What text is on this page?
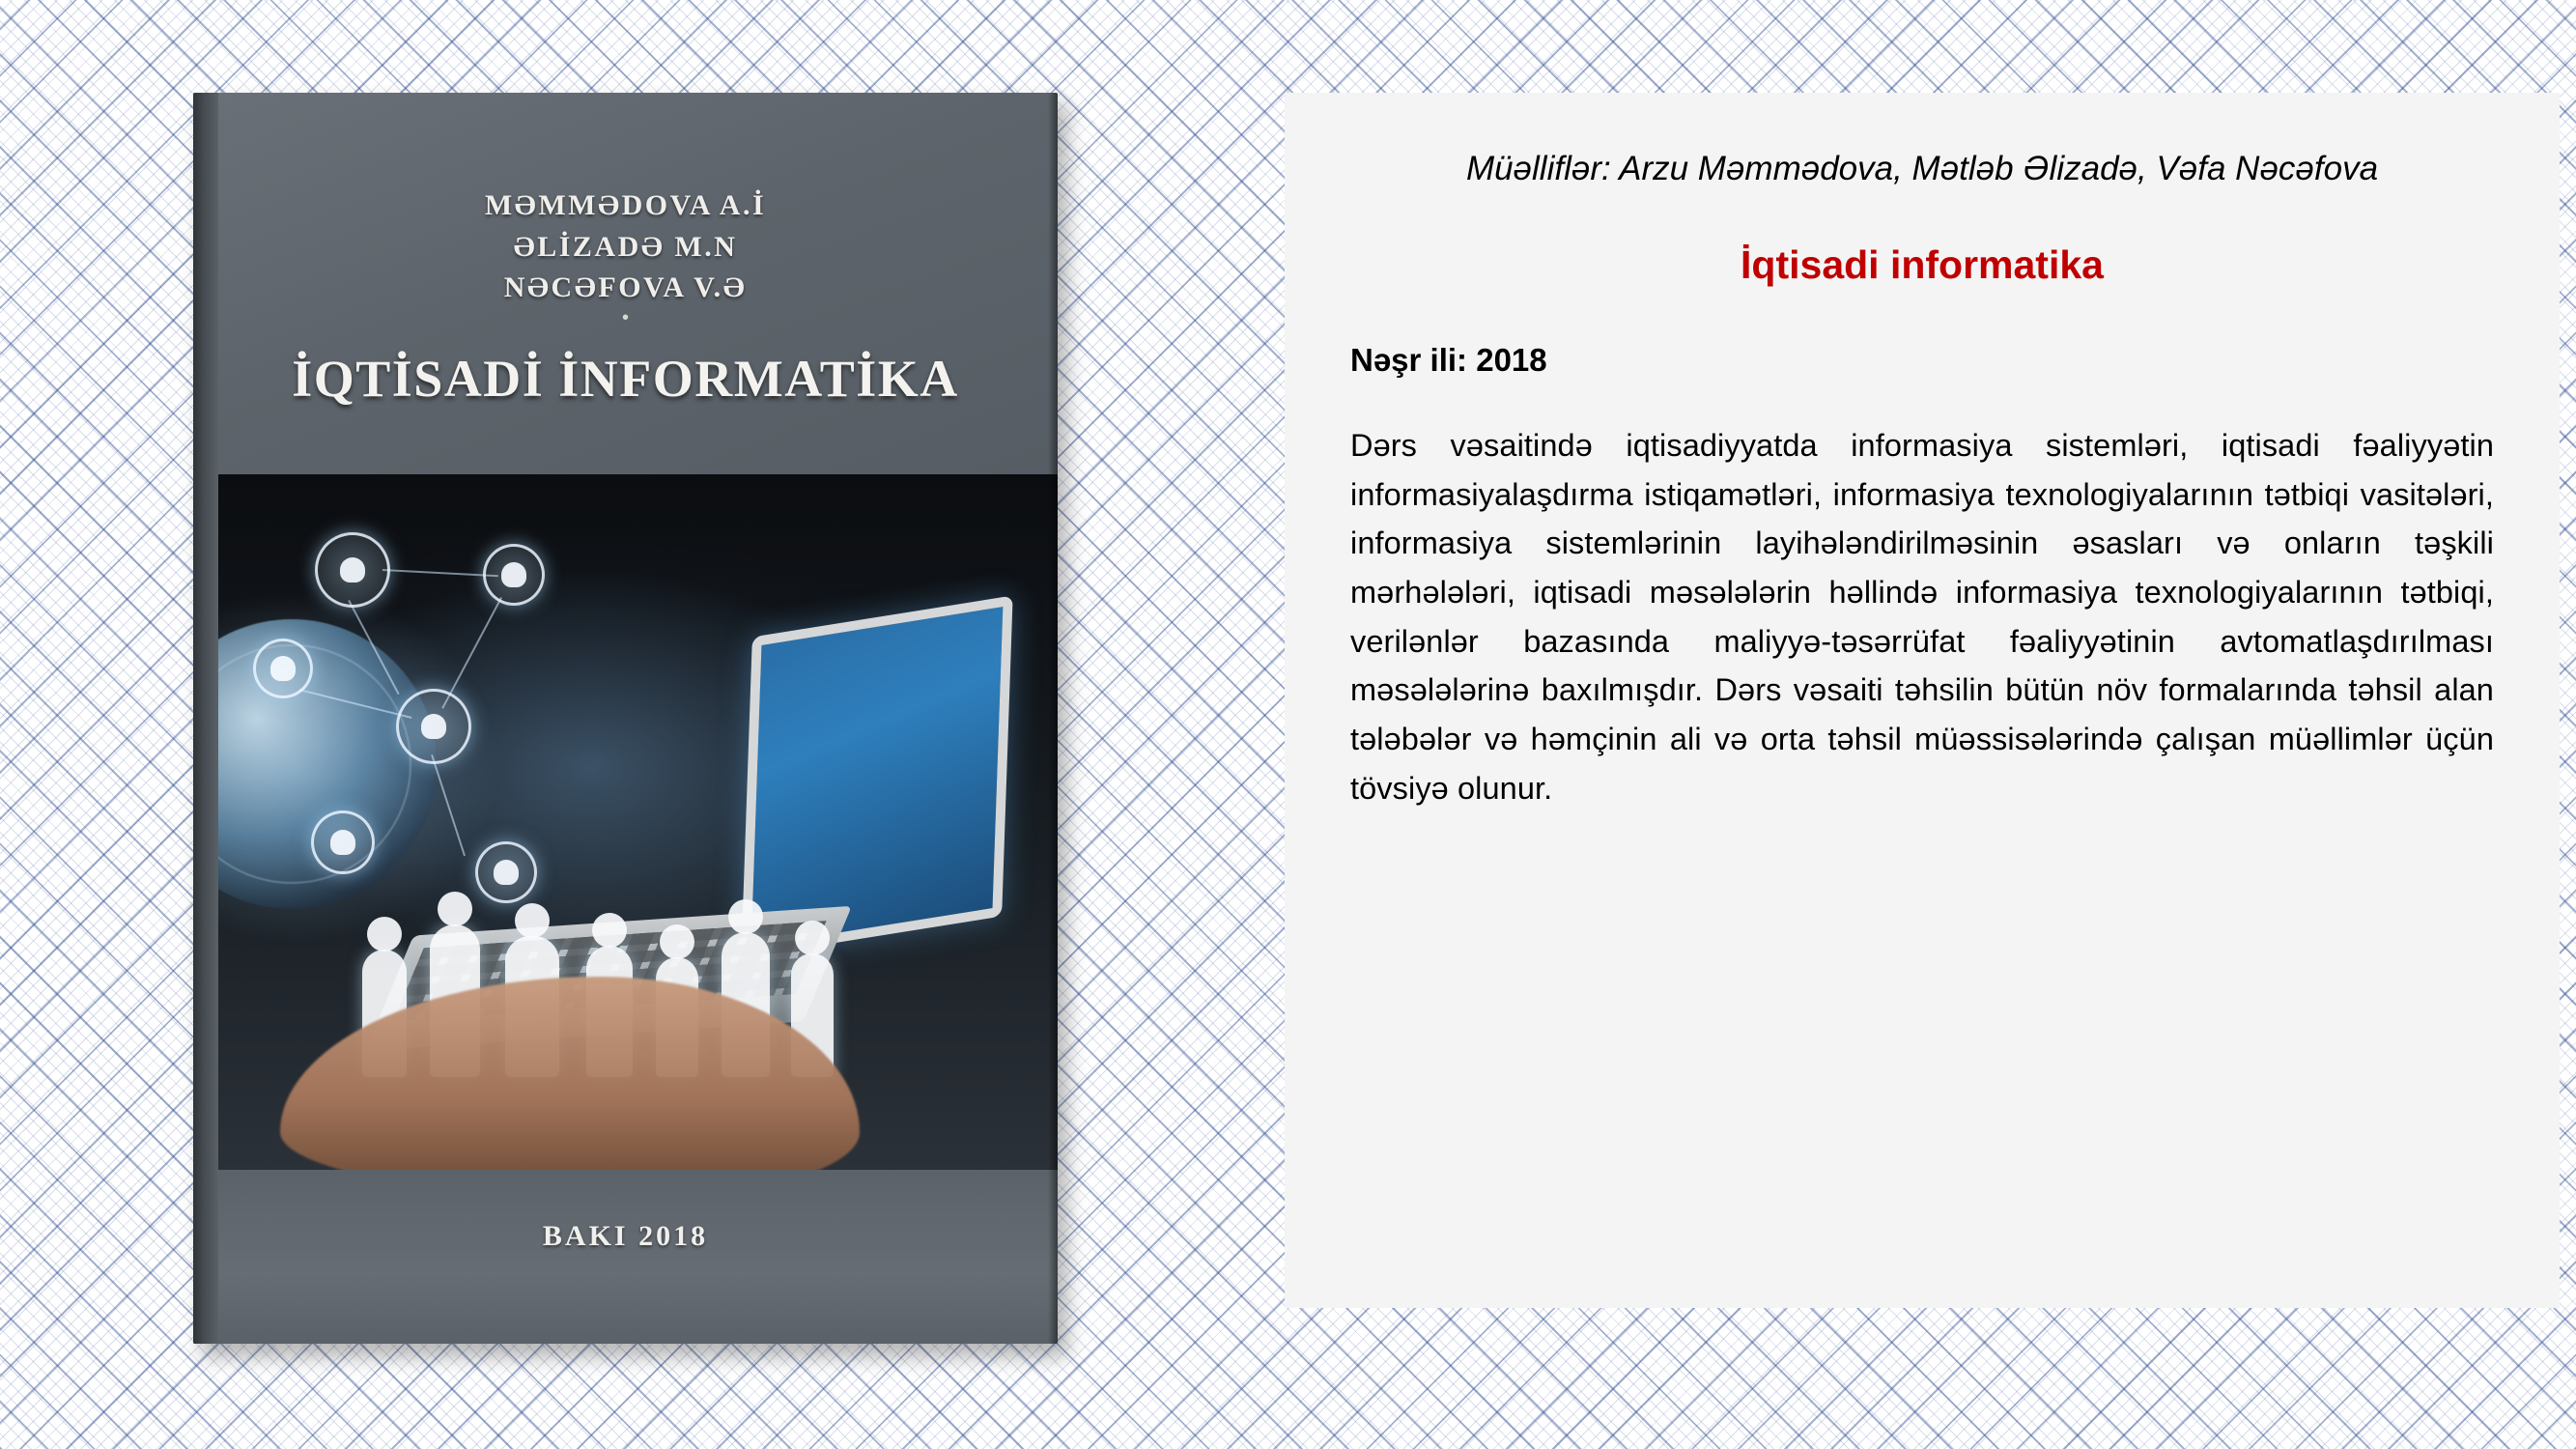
MƏMMƏDOVA A.İ
ƏLİZADƏ M.N
NƏCƏFOVA V.Ə
•
İQTİSADİ İNFORMATİKA
BAKI 2018
Müəlliflər: Arzu Məmmədova, Mətləb Əlizadə, Vəfa Nəcəfova
İqtisadi informatika
Nəşr ili: 2018
Dərs vəsaitində iqtisadiyyatda informasiya sistemləri, iqtisadi fəaliyyətin informasiyalaşdırma istiqamətləri, informasiya texnologiyalarının tətbiqi vasitələri, informasiya sistemlərinin layihələndirilməsinin əsasları və onların təşkili mərhələləri, iqtisadi məsələlərin həllində informasiya texnologiyalarının tətbiqi, verilənlər bazasında maliyyə-təsərrüfat fəaliyyətinin avtomatlaşdırılması məsələlərinə baxılmışdır. Dərs vəsaiti təhsilin bütün növ formalarında təhsil alan tələbələr və həmçinin ali və orta təhsil müəssisələrində çalışan müəllimlər üçün tövsiyə olunur.
